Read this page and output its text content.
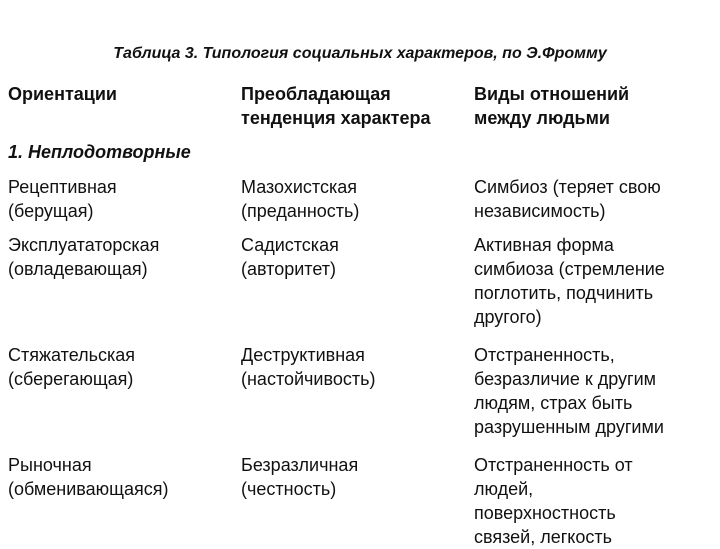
Таблица 3. Типология социальных характеров, по Э.Фромму
Ориентации	Преобладающая
тенденция характера
Виды отношений
между людьми
1. Неплодотворные
Рецептивная
(берущая)
Мазохистская
(преданность)
Симбиоз (теряет свою
независимость)
Эксплуататорская
(овладевающая)
Садистская
(авторитет)
Активная форма
симбиоза (стремление
поглотить, подчинить
другого)
Стяжательская
(сберегающая)
Деструктивная
(настойчивость)
Отстраненность,
безразличие к другим
людям, страх быть
разрушенным другими
Рыночная
(обменивающаяся)
Безразличная
(честность)
Отстраненность от
людей,
поверхностность
связей, легкость
